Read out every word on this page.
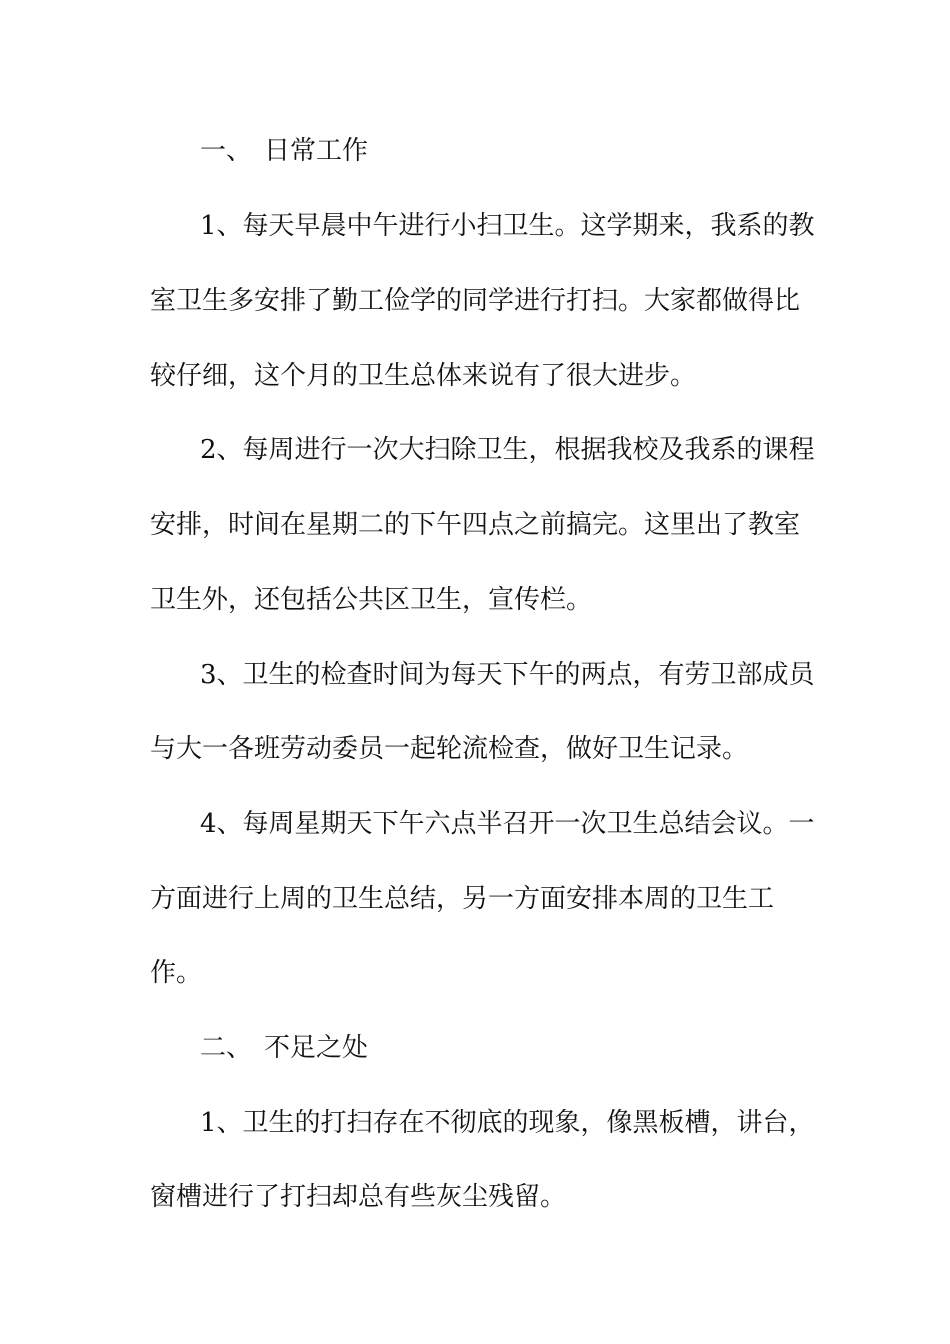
一、 日常工作
1、每天早晨中午进行小扫卫生。这学期来，我系的教
室卫生多安排了勤工俭学的同学进行打扫。大家都做得比
较仔细，这个月的卫生总体来说有了很大进步。
2、每周进行一次大扫除卫生，根据我校及我系的课程
安排，时间在星期二的下午四点之前搞完。这里出了教室
卫生外，还包括公共区卫生，宣传栏。
3、卫生的检查时间为每天下午的两点，有劳卫部成员
与大一各班劳动委员一起轮流检查，做好卫生记录。
4、每周星期天下午六点半召开一次卫生总结会议。一
方面进行上周的卫生总结，另一方面安排本周的卫生工
作。
二、 不足之处
1、卫生的打扫存在不彻底的现象，像黑板槽，讲台，
窗槽进行了打扫却总有些灰尘残留。
